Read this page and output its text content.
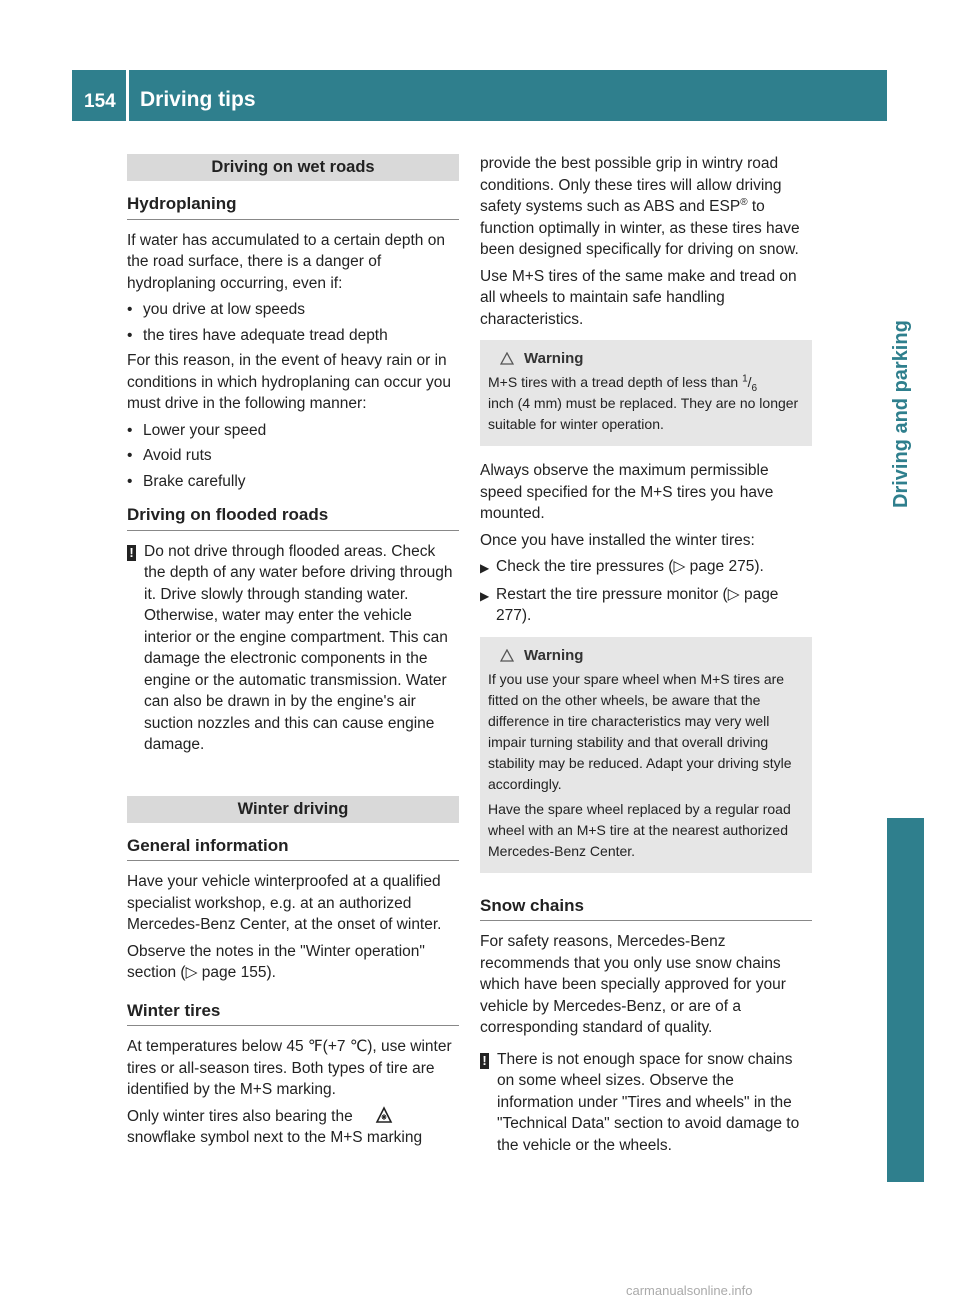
154	Driving tips
Driving and parking
Driving on wet roads
Hydroplaning
If water has accumulated to a certain depth on the road surface, there is a danger of hydroplaning occurring, even if:
• you drive at low speeds
• the tires have adequate tread depth
For this reason, in the event of heavy rain or in conditions in which hydroplaning can occur you must drive in the following manner:
• Lower your speed
• Avoid ruts
• Brake carefully
Driving on flooded roads
! Do not drive through flooded areas. Check the depth of any water before driving through it. Drive slowly through standing water. Otherwise, water may enter the vehicle interior or the engine compartment. This can damage the electronic components in the engine or the automatic transmission. Water can also be drawn in by the engine's air suction nozzles and this can cause engine damage.
Winter driving
General information
Have your vehicle winterproofed at a qualified specialist workshop, e.g. at an authorized Mercedes-Benz Center, at the onset of winter.
Observe the notes in the "Winter operation" section (▷ page 155).
Winter tires
At temperatures below 45 ℉(+7 ℃), use winter tires or all-season tires. Both types of tire are identified by the M+S marking.
Only winter tires also bearing the
snowflake symbol next to the M+S marking
provide the best possible grip in wintry road conditions. Only these tires will allow driving safety systems such as ABS and ESP® to function optimally in winter, as these tires have been designed specifically for driving on snow.
Use M+S tires of the same make and tread on all wheels to maintain safe handling characteristics.
Warning
M+S tires with a tread depth of less than $^1/_6$
inch (4 mm) must be replaced. They are no longer suitable for winter operation.
Always observe the maximum permissible speed specified for the M+S tires you have mounted.
Once you have installed the winter tires:
▶ Check the tire pressures (▷ page 275).
▶ Restart the tire pressure monitor (▷ page 277).
Warning
If you use your spare wheel when M+S tires are fitted on the other wheels, be aware that the difference in tire characteristics may very well impair turning stability and that overall driving stability may be reduced. Adapt your driving style accordingly.
Have the spare wheel replaced by a regular road wheel with an M+S tire at the nearest authorized Mercedes-Benz Center.
Snow chains
For safety reasons, Mercedes-Benz recommends that you only use snow chains which have been specially approved for your vehicle by Mercedes-Benz, or are of a corresponding standard of quality.
! There is not enough space for snow chains on some wheel sizes. Observe the information under "Tires and wheels" in the "Technical Data" section to avoid damage to the vehicle or the wheels.
carmanualsonline.info
